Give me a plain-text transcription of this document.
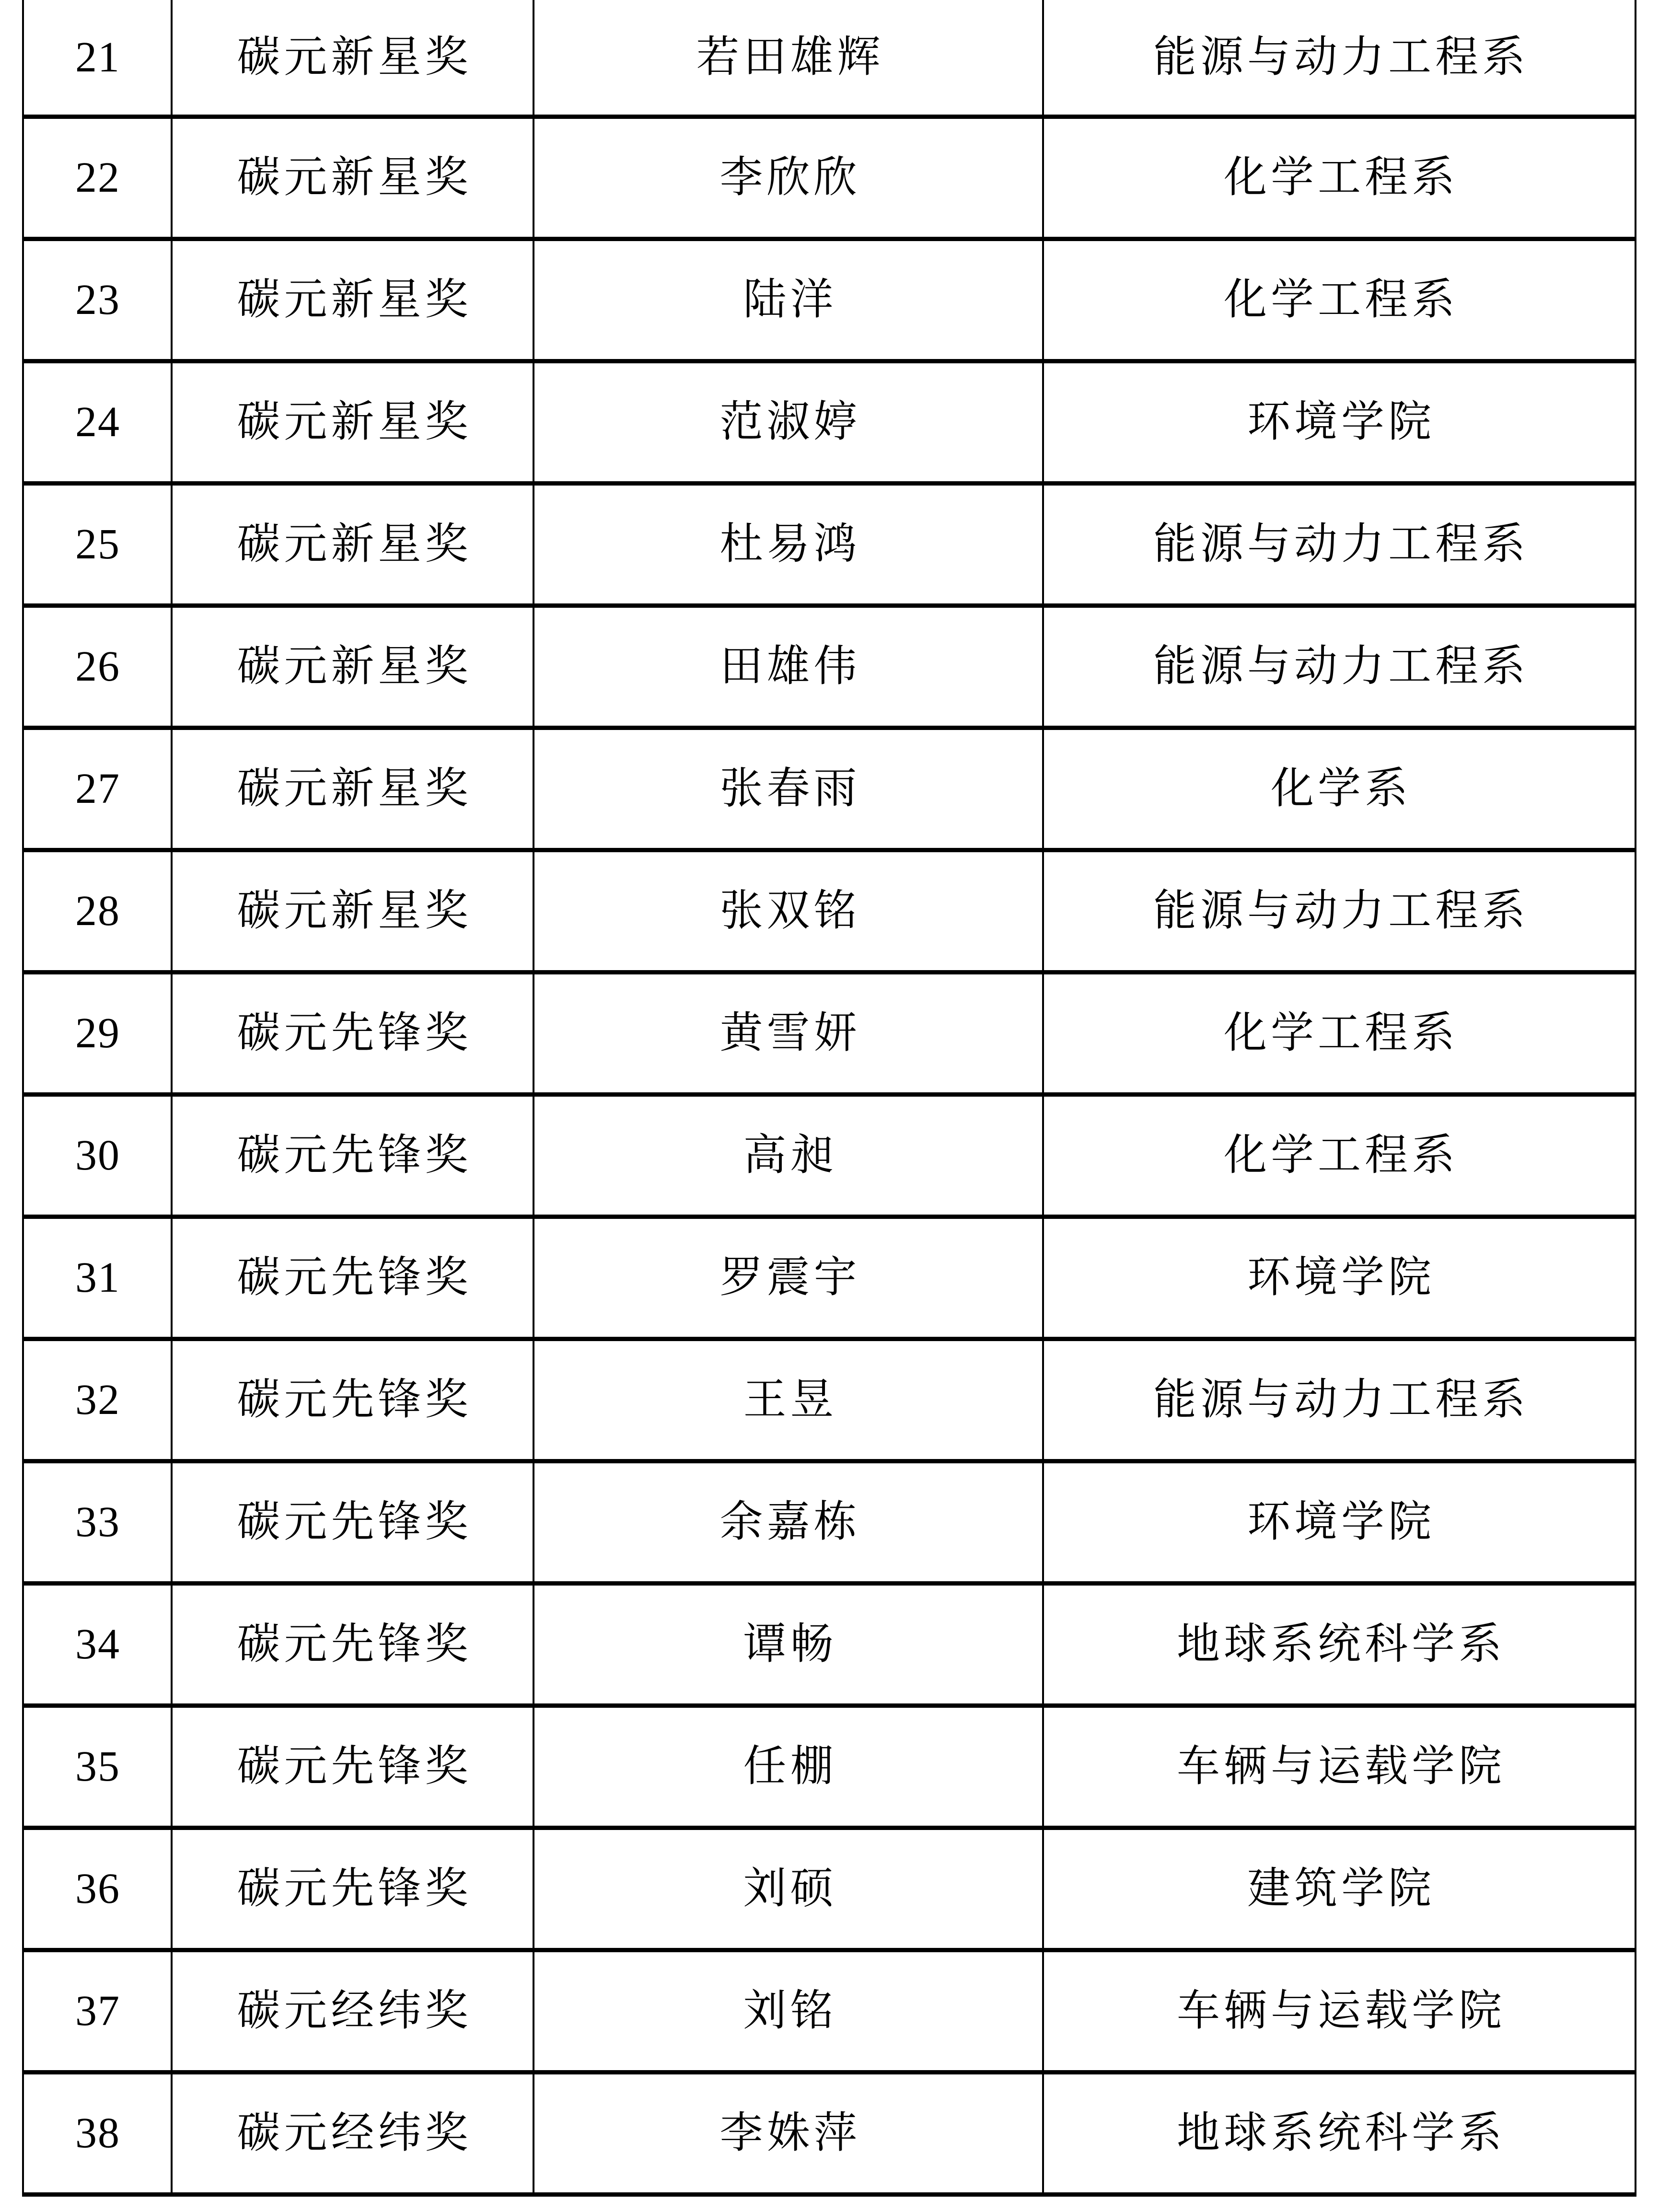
21	碳元新星奖	若田雄辉	能源与动力工程系
22	碳元新星奖	李欣欣	化学工程系
23	碳元新星奖	陆洋	化学工程系
24	碳元新星奖	范淑婷	环境学院
25	碳元新星奖	杜易鸿	能源与动力工程系
26	碳元新星奖	田雄伟	能源与动力工程系
27	碳元新星奖	张春雨	化学系
28	碳元新星奖	张双铭	能源与动力工程系
29	碳元先锋奖	黄雪妍	化学工程系
30	碳元先锋奖	高昶	化学工程系
31	碳元先锋奖	罗震宇	环境学院
32	碳元先锋奖	王昱	能源与动力工程系
33	碳元先锋奖	余嘉栋	环境学院
34	碳元先锋奖	谭畅	地球系统科学系
35	碳元先锋奖	任棚	车辆与运载学院
36	碳元先锋奖	刘硕	建筑学院
37	碳元经纬奖	刘铭	车辆与运载学院
38	碳元经纬奖	李姝萍	地球系统科学系
